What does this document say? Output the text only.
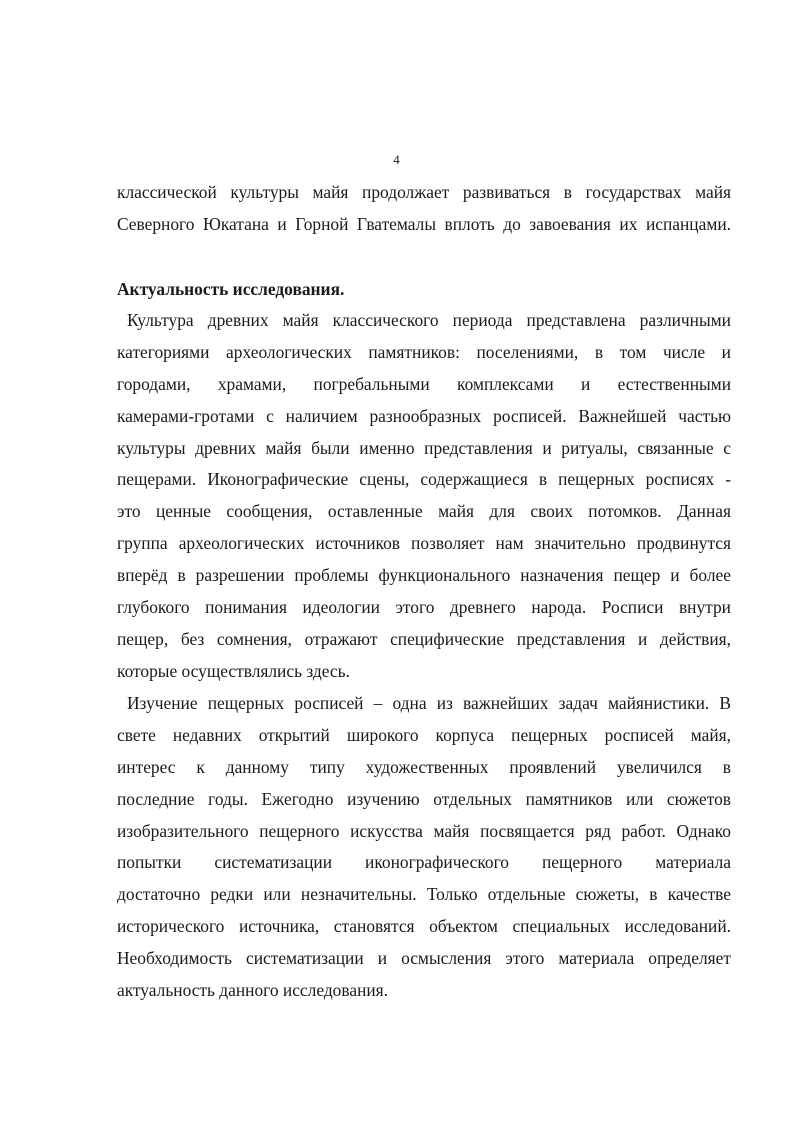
4
классической культуры майя продолжает развиваться в государствах майя
Северного Юкатана и Горной Гватемалы вплоть до завоевания их испанцами.
Актуальность исследования.
Культура древних майя классического периода представлена различными
категориями археологических памятников: поселениями, в том числе и
городами, храмами, погребальными комплексами и естественными
камерами-гротами с наличием разнообразных росписей. Важнейшей частью
культуры древних майя были именно представления и ритуалы, связанные с
пещерами. Иконографические сцены, содержащиеся в пещерных росписях -
это ценные сообщения, оставленные майя для своих потомков. Данная
группа археологических источников позволяет нам значительно продвинутся
вперёд в разрешении проблемы функционального назначения пещер и более
глубокого понимания идеологии этого древнего народа. Росписи внутри
пещер, без сомнения, отражают специфические представления и действия,
которые осуществлялись здесь.
Изучение пещерных росписей – одна из важнейших задач майянистики. В
свете недавних открытий широкого корпуса пещерных росписей майя,
интерес к данному типу художественных проявлений увеличился в
последние годы. Ежегодно изучению отдельных памятников или сюжетов
изобразительного пещерного искусства майя посвящается ряд работ. Однако
попытки систематизации иконографического пещерного материала
достаточно редки или незначительны. Только отдельные сюжеты, в качестве
исторического источника, становятся объектом специальных исследований.
Необходимость систематизации и осмысления этого материала определяет
актуальность данного исследования.
